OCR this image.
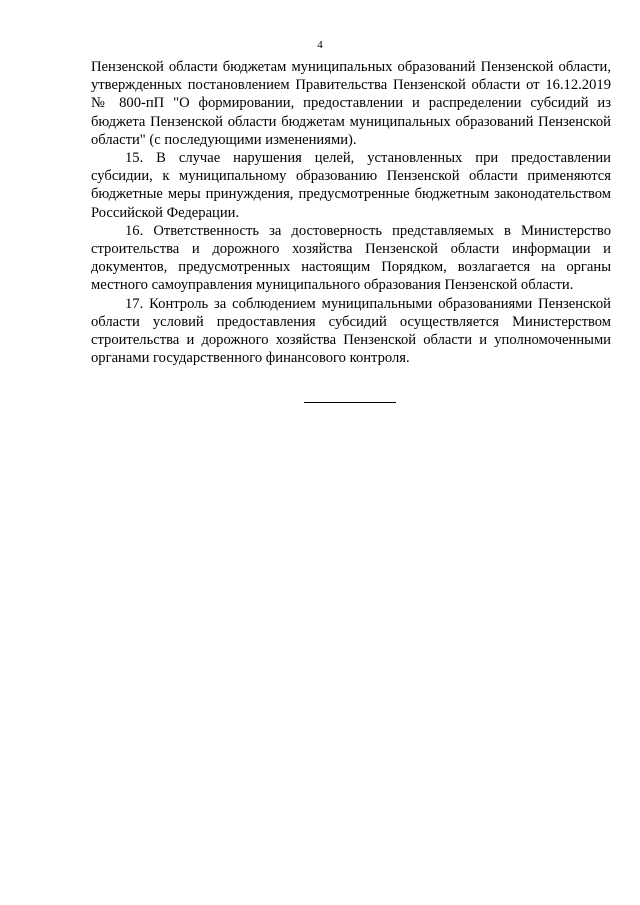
4

Пензенской области бюджетам муниципальных образований Пензенской области, утвержденных постановлением Правительства Пензенской области от 16.12.2019 № 800-пП "О формировании, предоставлении и распределении субсидий из бюджета Пензенской области бюджетам муниципальных образований Пензенской области" (с последующими изменениями).

15. В случае нарушения целей, установленных при предоставлении субсидии, к муниципальному образованию Пензенской области применяются бюджетные меры принуждения, предусмотренные бюджетным законодательством Российской Федерации.

16. Ответственность за достоверность представляемых в Министерство строительства и дорожного хозяйства Пензенской области информации и документов, предусмотренных настоящим Порядком, возлагается на органы местного самоуправления муниципального образования Пензенской области.

17. Контроль за соблюдением муниципальными образованиями Пензенской области условий предоставления субсидий осуществляется Министерством строительства и дорожного хозяйства Пензенской области и уполномоченными органами государственного финансового контроля.
